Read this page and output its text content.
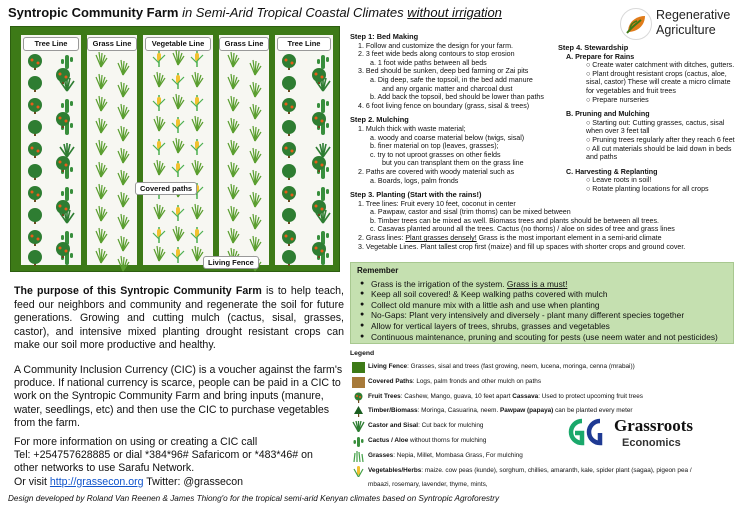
Syntropic Community Farm in Semi-Arid Tropical Coastal Climates without irrigation	Regenerative
Agriculture
Tree Line	Grass Line	Vegetable Line	Grass Line	Tree Line
Covered paths
Living Fence
The purpose of this Syntropic Community Farm is to help teach, feed our neighbors and community and regenerate the soil for future generations. Growing and cutting mulch (cactus, sisal, grasses, castor), and intensive mixed planting drought resistant crops can make our soil more productive and healthy.
A Community Inclusion Currency (CIC) is a voucher against the farm's produce. If national currency is scarce, people can be paid in a CIC to work on the Syntropic Community Farm and bring inputs (manure, water, seedlings, etc) and then use the CIC to purchase vegetables from the farm.
For more information on using or creating a CIC call
Tel: +254757628885 or dial *384*96# Safaricom or *483*46# on
other networks to use Sarafu Network.
Or visit http://grassecon.org Twitter: @grassecon
Design developed by Roland Van Reenen & James Thiong'o for the tropical semi-arid Kenyan climates based on Syntropic Agroforestry
Step 1: Bed Making
1. Follow and customize the design for your farm.
2. 3 feet wide beds along contours to stop erosion
a. 1 foot wide paths between all beds
3. Bed should be sunken, deep bed farming or Zai pits
a. Dig deep, safe the topsoil, in the bed add manure
and any organic matter and charcoal dust
b. Add back the topsoil, bed should be lower than paths
4. 6 foot living fence on boundary (grass, sisal & trees)
Step 2. Mulching
1. Mulch thick with waste material;
a. woody and coarse material below (twigs, sisal)
b. finer material on top (leaves, grasses);
c. try to not uproot grasses on other fields
but you can transplant them on the grass line
2. Paths are covered with woody material such as
a. Boards, logs, palm fronds
Step 3. Planting (Start with the rains!)
1. Tree lines: Fruit every 10 feet, coconut in center
a. Pawpaw, castor and sisal (trim thorns) can be mixed between
b. Timber trees can be mixed as well. Biomass trees and plants should be between all trees.
c. Casavas planted around all the trees. Cactus (no thorns) / aloe on sides of tree and grass lines
2. Grass lines: Plant grasses densely! Grass is the most important element in a semi-arid climate
3. Vegetable Lines. Plant tallest crop first (maize) and fill up spaces with shorter crops and ground cover.
Step 4. Stewardship
A. Prepare for Rains
○ Create water catchment with ditches, gutters.
○ Plant drought resistant crops (cactus, aloe, sisal, castor) These will create a micro climate for vegetables and fruit trees
○ Prepare nurseries
B. Pruning and Mulching
○ Starting out: Cutting grasses, cactus, sisal when over 3 feet tall
○ Pruning trees regularly after they reach 6 feet
○ All cut materials should be laid down in beds and paths
C. Harvesting & Replanting
○ Leave roots in soil!
○ Rotate planting locations for all crops
Remember
● Grass is the irrigation of the system. Grass is a must!
● Keep all soil covered! & Keep walking paths covered with mulch
● Collect old manure mix with a little ash and use when planting
● No-Gaps: Plant very intensively and diversely - plant many different species together
● Allow for vertical layers of trees, shrubs, grasses and vegetables
● Continuous maintenance, pruning and scouting for pests (use neem water and not pesticides)
Legend
Living Fence: Grasses, sisal and trees (fast growing, neem, lucena, moringa, cenna (mrabai))
Covered Paths: Logs, palm fronds and other mulch on paths
Fruit Trees: Cashew, Mango, guava, 10 feet apart Cassava: Used to protect upcoming fruit trees
Timber/Biomass: Moringa, Casuarina, neem. Pawpaw (papaya) can be planted every meter
Castor and Sisal: Cut back for mulching
Cactus / Aloe without thorns for mulching
Grasses: Nepia, Millet, Mombasa Grass, For mulching
Vegetables/Herbs: maize. cow peas (kunde), sorghum, chillies, amaranth, kale, spider plant (sagaa), pigeon pea /
mbaazi, rosemary, lavender, thyme, mints,
Grassroots
Economics
